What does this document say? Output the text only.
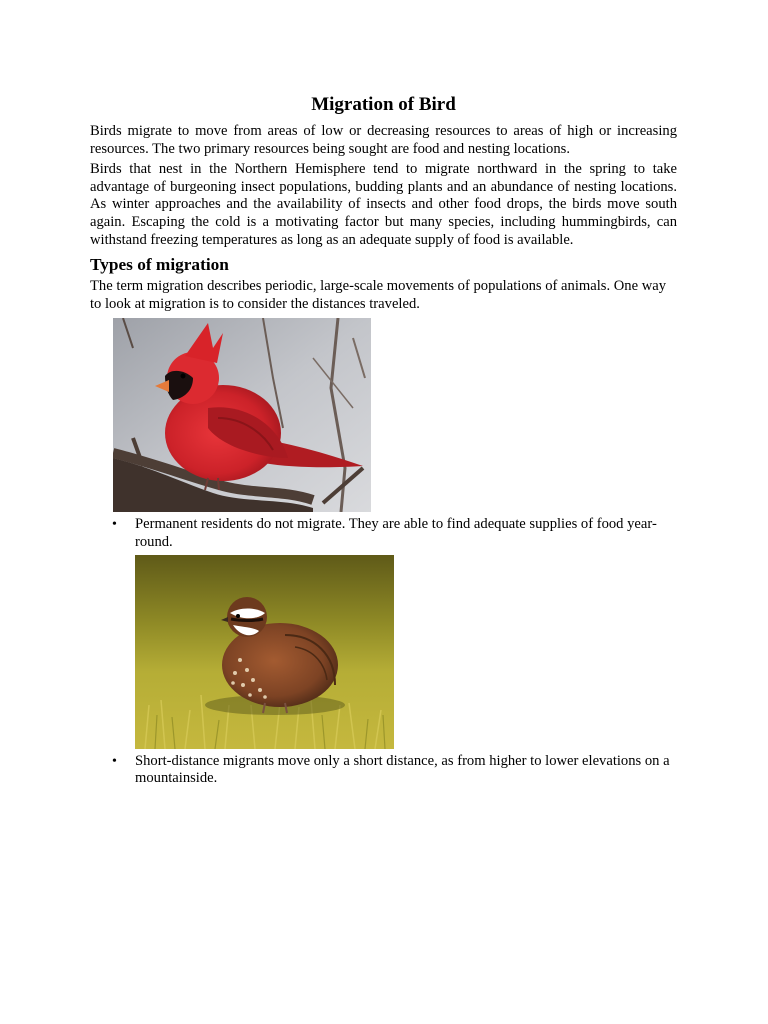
Migration of Bird

Birds migrate to move from areas of low or decreasing resources to areas of high or increasing resources. The two primary resources being sought are food and nesting locations.

Birds that nest in the Northern Hemisphere tend to migrate northward in the spring to take advantage of burgeoning insect populations, budding plants and an abundance of nesting locations. As winter approaches and the availability of insects and other food drops, the birds move south again. Escaping the cold is a motivating factor but many species, including hummingbirds, can withstand freezing temperatures as long as an adequate supply of food is available.

Types of migration

The term migration describes periodic, large-scale movements of populations of animals. One way to look at migration is to consider the distances traveled.

• Permanent residents do not migrate. They are able to find adequate supplies of food year-round.
• Short-distance migrants move only a short distance, as from higher to lower elevations on a mountainside.
